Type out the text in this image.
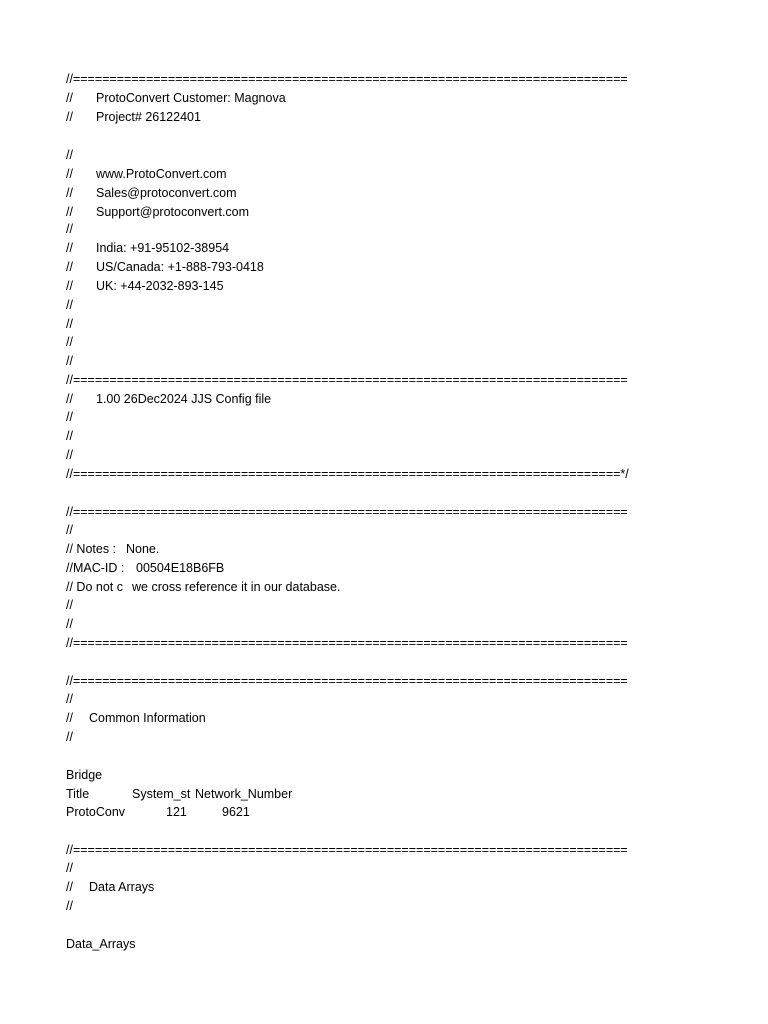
//============================================================================
//	ProtoConvert Customer: Magnova
//	Project# 26122401
//
//	www.ProtoConvert.com
//	Sales@protoconvert.com
//	Support@protoconvert.com
//
//	India: +91-95102-38954
//	US/Canada: +1-888-793-0418
//	UK: +44-2032-893-145
//
//
//
//
//============================================================================
//	1.00 26Dec2024 JJS Config file
//
//
//
//===========================================================================*/
//============================================================================
//
// Notes : None.
//MAC-ID : 00504E18B6FB
// Do not c we cross reference it in our database.
//
//
//============================================================================
//============================================================================
//
//	Common Information
//
Bridge
Title	System_st Network_Number
ProtoConv	121	9621
//============================================================================
//
//	Data Arrays
//
Data_Arrays
